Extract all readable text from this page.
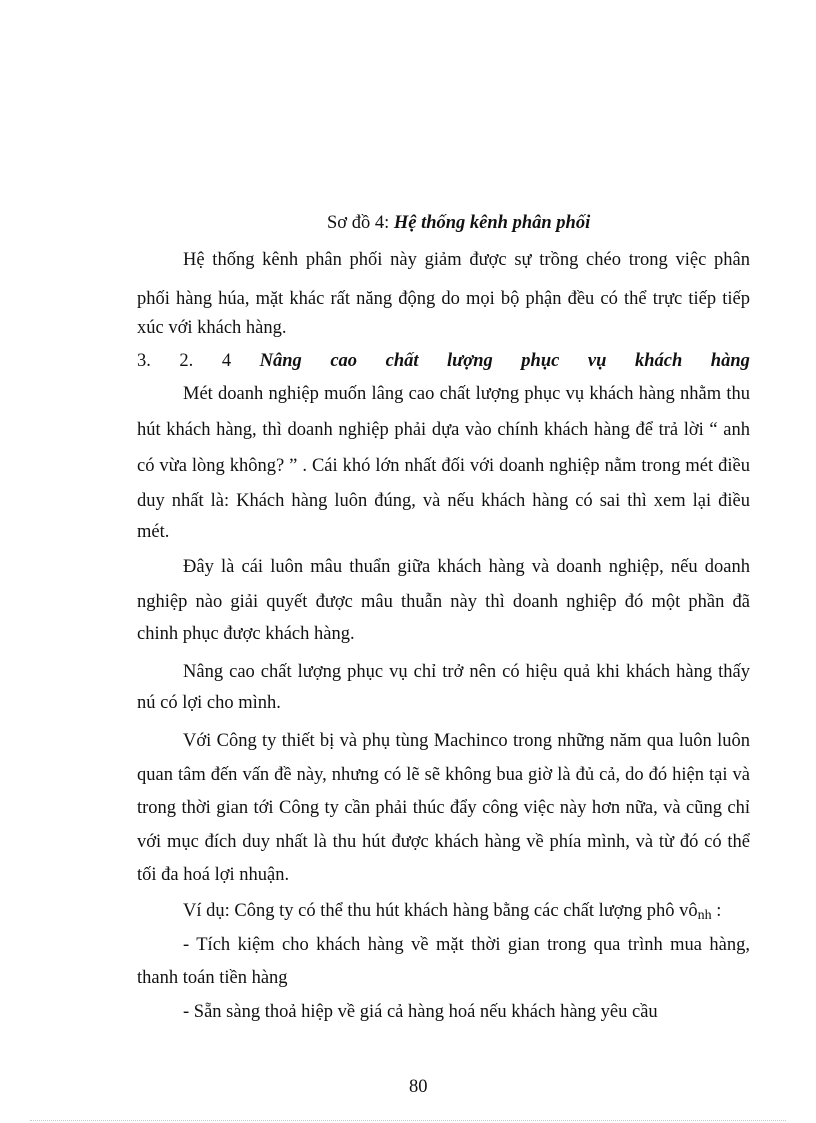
Sơ đồ 4: Hệ thống kênh phân phối
Hệ thống kênh phân phối này giảm được sự trồng chéo trong việc phân
phối hàng húa, mặt khác rất năng động do mọi bộ phận đều có thể trực tiếp tiếp
xúc với khách hàng.
3. 2. 4 Nâng cao chất lượng phục vụ khách hàng
Mét doanh nghiệp muốn lâng cao chất lượng phục vụ khách hàng nhằm thu
hút khách hàng, thì doanh nghiệp phải dựa vào chính khách hàng để trả lời “ anh
có vừa lòng không? ” . Cái khó lớn nhất đối với doanh nghiệp nằm trong mét điều
duy nhất là: Khách hàng luôn đúng, và nếu khách hàng có sai thì xem lại điều
mét.
Đây là cái luôn mâu thuẩn giữa khách hàng và doanh nghiệp, nếu doanh
nghiệp nào giải quyết được mâu thuẫn này thì doanh nghiệp đó một phần đã
chinh phục được khách hàng.
Nâng cao chất lượng phục vụ chỉ trở nên có hiệu quả khi khách hàng thấy
nú có lợi cho mình.
Với Công ty thiết bị và phụ tùng Machinco trong những năm qua luôn luôn
quan tâm đến vấn đề này, nhưng có lẽ sẽ không bua giờ là đủ cả, do đó hiện tại và
trong thời gian tới Công ty cần phải thúc đẩy công việc này hơn nữa, và cũng chỉ
với mục đích duy nhất là thu hút được khách hàng về phía mình, và từ đó có thể
tối đa hoá lợi nhuận.
Ví dụ: Công ty có thể thu hút khách hàng bằng các chất lượng phô $vô_{nh}$ :
- Tích kiệm cho khách hàng về mặt thời gian trong qua trình mua hàng,
thanh toán tiền hàng
- Sẵn sàng thoả hiệp về giá cả hàng hoá nếu khách hàng yêu cầu
80
